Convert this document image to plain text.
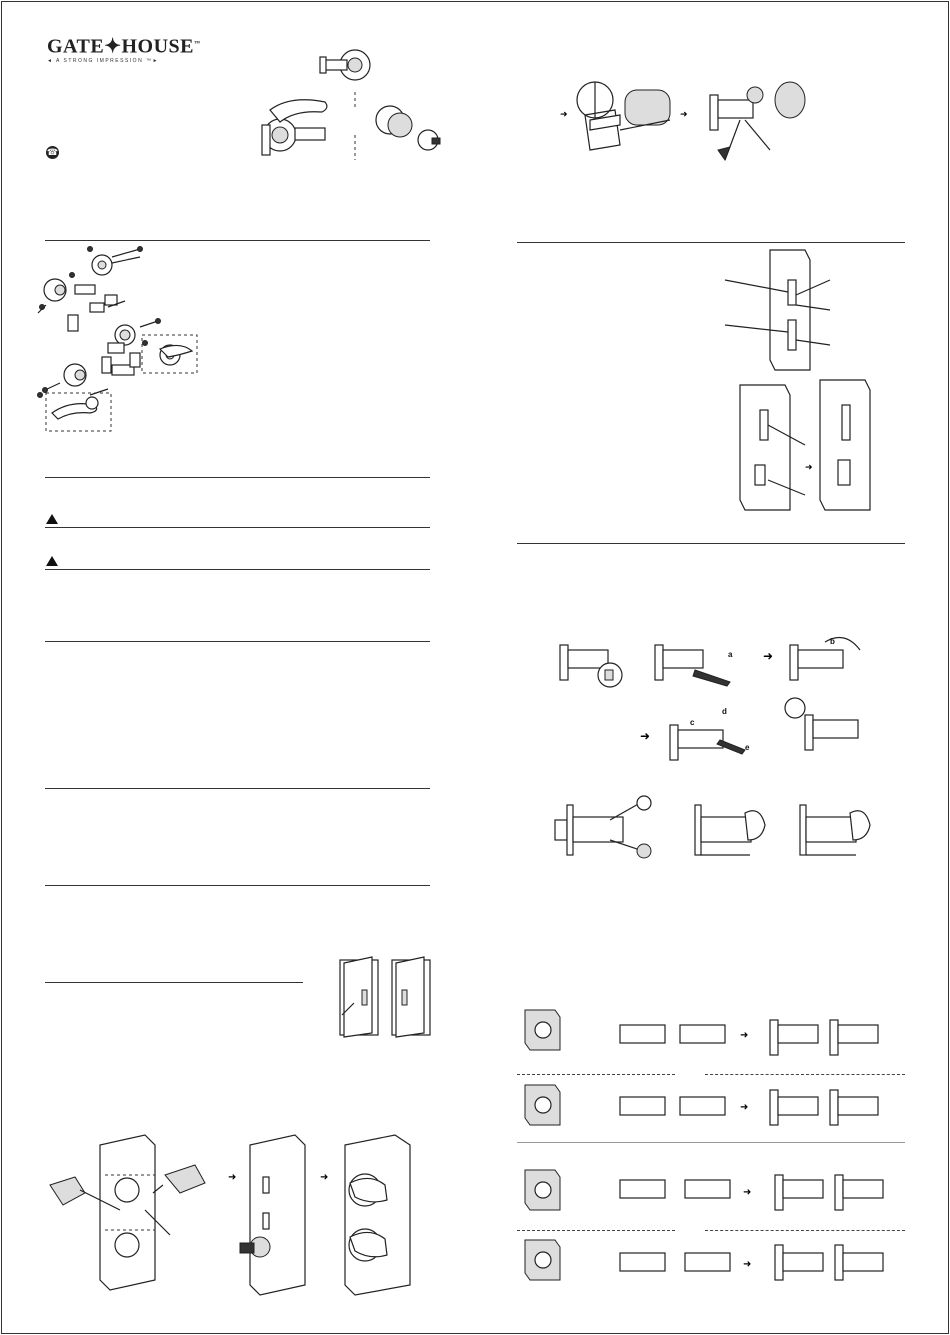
GATE✦HOUSE™
◄ A STRONG IMPRESSION ™►
☎
➜	➜
➜	➜
➜
➜
➜
a
b
c
d
e
➜
➜
➜
➜
